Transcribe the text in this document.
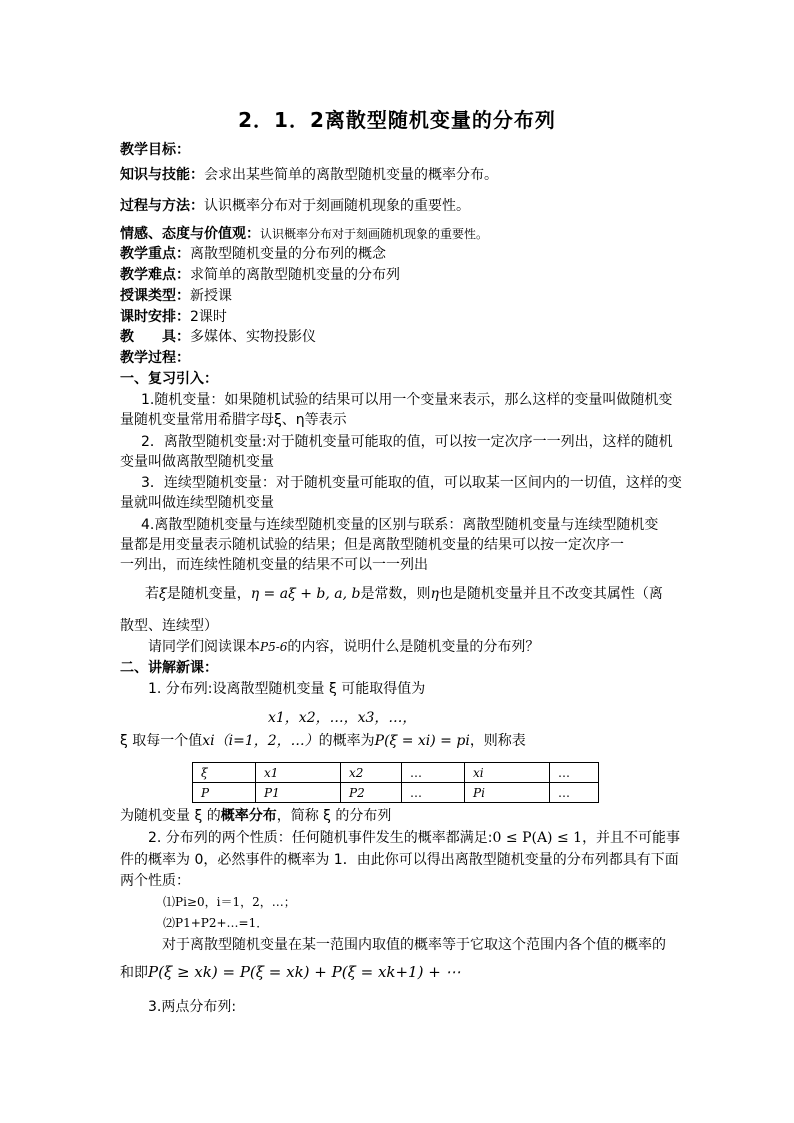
2．1．2离散型随机变量的分布列
教学目标：
知识与技能：会求出某些简单的离散型随机变量的概率分布。
过程与方法：认识概率分布对于刻画随机现象的重要性。
情感、态度与价值观：认识概率分布对于刻画随机现象的重要性。
教学重点：离散型随机变量的分布列的概念
教学难点：求简单的离散型随机变量的分布列
授课类型：新授课
课时安排：2课时
教　　具：多媒体、实物投影仪
教学过程：
一、复习引入：
1.随机变量：如果随机试验的结果可以用一个变量来表示，那么这样的变量叫做随机变
量随机变量常用希腊字母ξ、η等表示
2．离散型随机变量:对于随机变量可能取的值，可以按一定次序一一列出，这样的随机
变量叫做离散型随机变量
3．连续型随机变量：对于随机变量可能取的值，可以取某一区间内的一切值，这样的变
量就叫做连续型随机变量
4.离散型随机变量与连续型随机变量的区别与联系：离散型随机变量与连续型随机变
量都是用变量表示随机试验的结果；但是离散型随机变量的结果可以按一定次序一
一列出，而连续性随机变量的结果不可以一一列出
若ξ是随机变量，η = aξ + b, a, b是常数，则η也是随机变量并且不改变其属性（离
散型、连续型）
请同学们阅读课本P5-6的内容，说明什么是随机变量的分布列？
二、讲解新课：
1. 分布列:设离散型随机变量 ξ 可能取得值为
x1，x2，…，x3，…，
ξ 取每一个值xi（i=1，2，…）的概率为P(ξ = xi) = pi，则称表
ξ	x1	x2	…	xi	…
P	P1	P2	…	Pi	…
为随机变量 ξ 的概率分布，简称 ξ 的分布列
2. 分布列的两个性质：任何随机事件发生的概率都满足:0 ≤ P(A) ≤ 1，并且不可能事
件的概率为 0，必然事件的概率为 1．由此你可以得出离散型随机变量的分布列都具有下面
两个性质：
⑴Pi≥0，i＝1，2，…；
⑵P1+P2+…=1．
对于离散型随机变量在某一范围内取值的概率等于它取这个范围内各个值的概率的
和即P(ξ ≥ xk) = P(ξ = xk) + P(ξ = xk+1) + ⋯
3.两点分布列:
